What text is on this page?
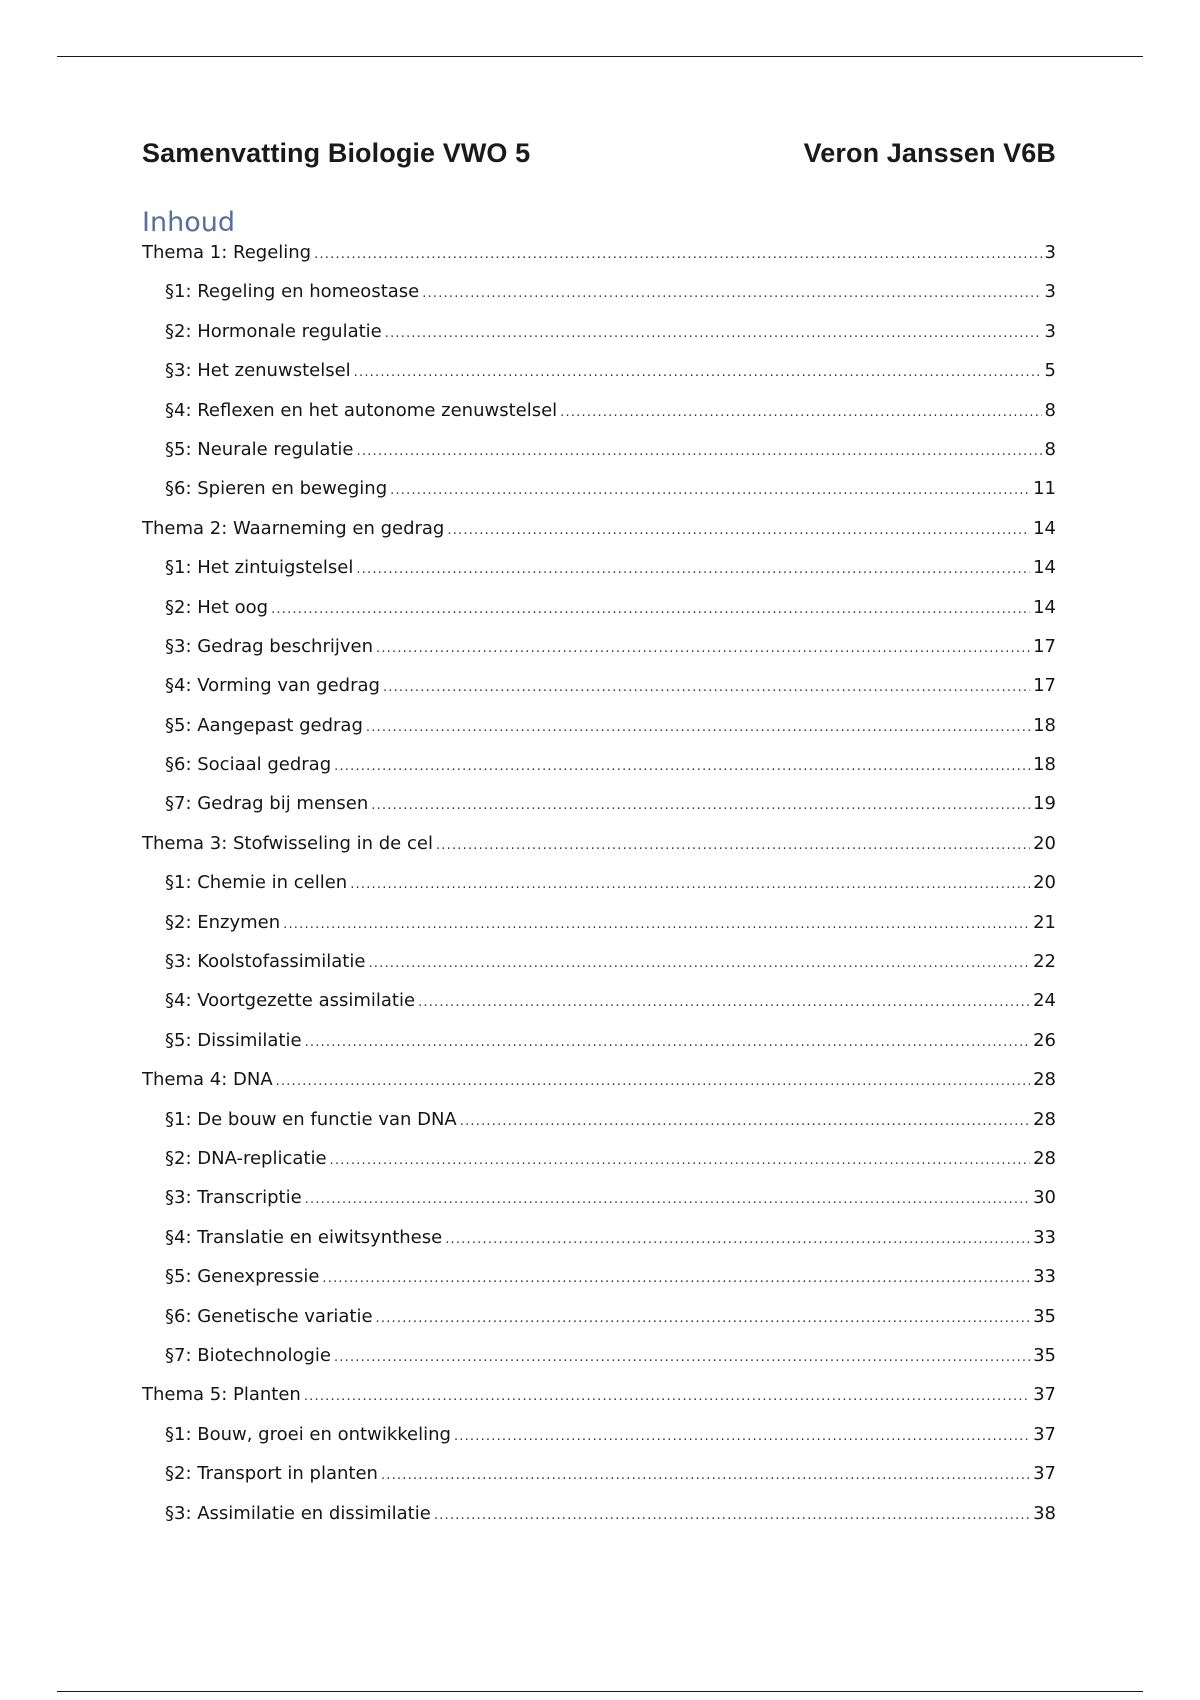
Samenvatting Biologie VWO 5	Veron Janssen V6B
Inhoud
Thema 1: Regeling .....	3
§1: Regeling en homeostase .....	3
§2: Hormonale regulatie .....	3
§3: Het zenuwstelsel .....	5
§4: Reflexen en het autonome zenuwstelsel .....	8
§5: Neurale regulatie .....	8
§6: Spieren en beweging .....	11
Thema 2: Waarneming en gedrag .....	14
§1: Het zintuigstelsel .....	14
§2: Het oog .....	14
§3: Gedrag beschrijven .....	17
§4: Vorming van gedrag .....	17
§5: Aangepast gedrag .....	18
§6: Sociaal gedrag .....	18
§7: Gedrag bij mensen .....	19
Thema 3: Stofwisseling in de cel .....	20
§1: Chemie in cellen .....	20
§2: Enzymen .....	21
§3: Koolstofassimilatie .....	22
§4: Voortgezette assimilatie .....	24
§5: Dissimilatie .....	26
Thema 4: DNA .....	28
§1: De bouw en functie van DNA .....	28
§2: DNA-replicatie .....	28
§3: Transcriptie .....	30
§4: Translatie en eiwitsynthese .....	33
§5: Genexpressie .....	33
§6: Genetische variatie .....	35
§7: Biotechnologie .....	35
Thema 5: Planten .....	37
§1: Bouw, groei en ontwikkeling .....	37
§2: Transport in planten .....	37
§3: Assimilatie en dissimilatie .....	38
